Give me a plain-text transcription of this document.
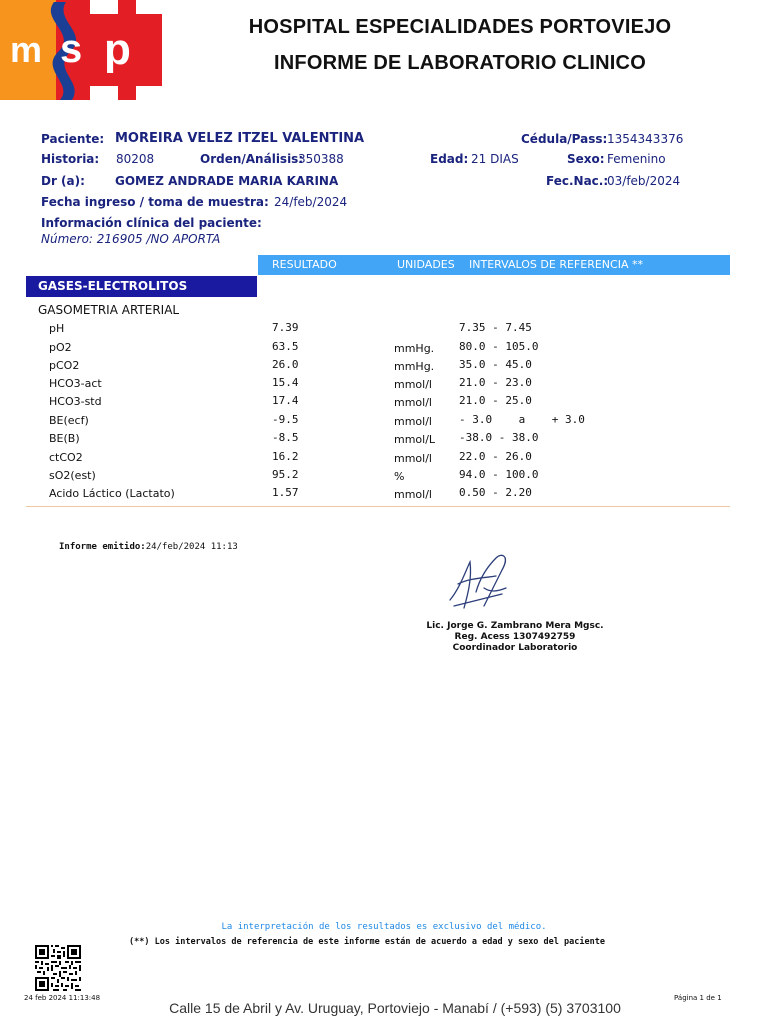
m s p	HOSPITAL ESPECIALIDADES PORTOVIEJO
INFORME DE LABORATORIO CLINICO
Paciente: MOREIRA VELEZ ITZEL VALENTINA	Cédula/Pass: 1354343376
Historia: 80208	Orden/Análisis:
350388	Edad: 21 DIAS	Sexo: Femenino
Dr (a):	GOMEZ ANDRADE MARIA KARINA	Fec.Nac.:
03/feb/2024
Fecha ingreso / toma de muestra: 24/feb/2024
Información clínica del paciente:
Número: 216905 /NO APORTA
RESULTADO	UNIDADES INTERVALOS DE REFERENCIA **
GASES-ELECTROLITOS
GASOMETRIA ARTERIAL
pH	7.39	7.35 - 7.45
pO2	63.5	mmHg. 80.0 - 105.0
pCO2	26.0	mmHg. 35.0 - 45.0
HCO3-act	15.4	mmol/l 21.0 - 23.0
HCO3-std	17.4	mmol/l 21.0 - 25.0
BE(ecf)	-9.5	mmol/l - 3.0    a    + 3.0
BE(B)	-8.5	mmol/L -38.0 - 38.0
ctCO2	16.2	mmol/l 22.0 - 26.0
sO2(est)	95.2	%	94.0 - 100.0
Acido Láctico (Lactato)	1.57	mmol/l 0.50 - 2.20
Informe emitido:24/feb/2024 11:13
Lic. Jorge G. Zambrano Mera Mgsc.
Reg. Acess 1307492759
Coordinador Laboratorio
La interpretación de los resultados es exclusivo del médico.
(**) Los intervalos de referencia de este informe están de acuerdo a edad y sexo del paciente
24 feb 2024 11:13:48	Página 1 de 1
Calle 15 de Abril y Av. Uruguay, Portoviejo - Manabí / (+593) (5) 3703100
